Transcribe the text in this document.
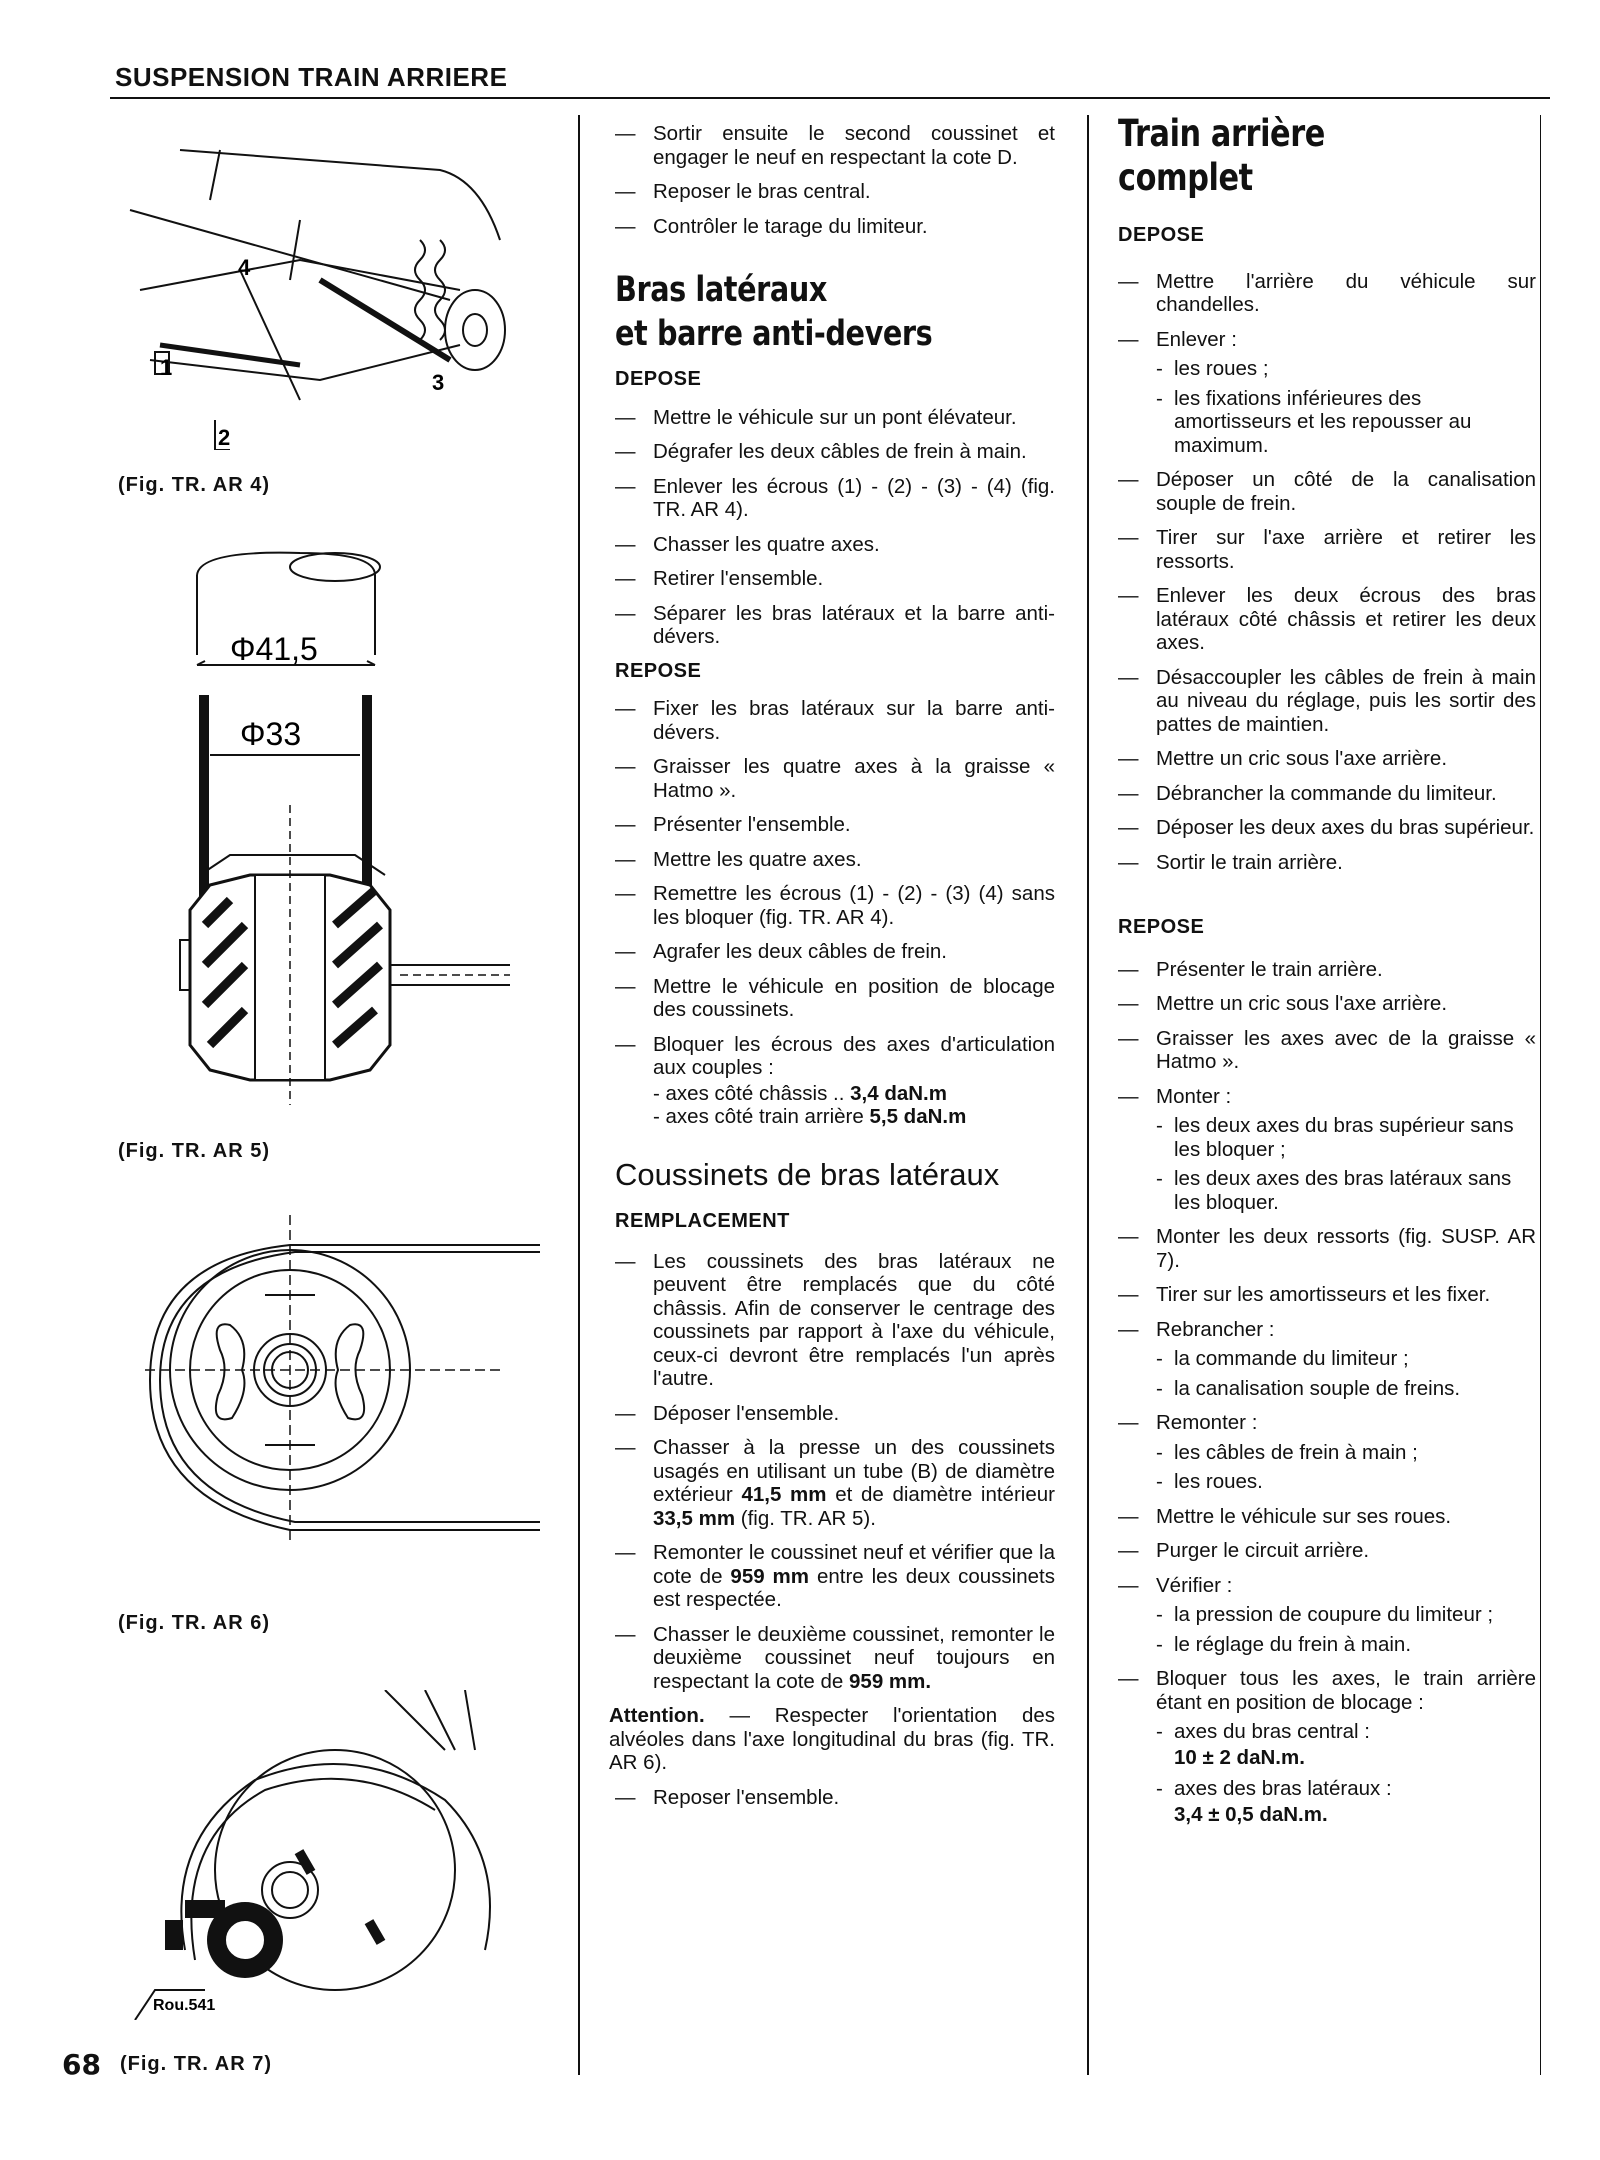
SUSPENSION TRAIN ARRIERE
4
1
2
3
(Fig. TR. AR 4)
Φ41,5
Φ33
(Fig. TR. AR 5)
(Fig. TR. AR 6)
Rou.541
68 (Fig. TR. AR 7)
— Sortir ensuite le second coussinet et engager le neuf en respectant la cote D.
— Reposer le bras central.
— Contrôler le tarage du limiteur.
Bras latéraux
et barre anti-devers
DEPOSE
— Mettre le véhicule sur un pont élévateur.
— Dégrafer les deux câbles de frein à main.
— Enlever les écrous (1) - (2) - (3) - (4) (fig. TR. AR 4).
— Chasser les quatre axes.
— Retirer l'ensemble.
— Séparer les bras latéraux et la barre anti-dévers.
REPOSE
— Fixer les bras latéraux sur la barre anti-dévers.
— Graisser les quatre axes à la graisse « Hatmo ».
— Présenter l'ensemble.
— Mettre les quatre axes.
— Remettre les écrous (1) - (2) - (3) (4) sans les bloquer (fig. TR. AR 4).
— Agrafer les deux câbles de frein.
— Mettre le véhicule en position de blocage des coussinets.
— Bloquer les écrous des axes d'articulation aux couples :
- axes côté châssis .. 3,4 daN.m
- axes côté train arrière 5,5 daN.m
Coussinets de bras latéraux
REMPLACEMENT
— Les coussinets des bras latéraux ne peuvent être remplacés que du côté châssis. Afin de conserver le centrage des coussinets par rapport à l'axe du véhicule, ceux-ci devront être remplacés l'un après l'autre.
— Déposer l'ensemble.
— Chasser à la presse un des coussinets usagés en utilisant un tube (B) de diamètre extérieur 41,5 mm et de diamètre intérieur 33,5 mm (fig. TR. AR 5).
— Remonter le coussinet neuf et vérifier que la cote de 959 mm entre les deux coussinets est respectée.
— Chasser le deuxième coussinet, remonter le deuxième coussinet neuf toujours en respectant la cote de 959 mm.
Attention. — Respecter l'orientation des alvéoles dans l'axe longitudinal du bras (fig. TR. AR 6).
— Reposer l'ensemble.
Train arrière complet
DEPOSE
— Mettre l'arrière du véhicule sur chandelles.
— Enlever :
- les roues ;
- les fixations inférieures des amortisseurs et les repousser au maximum.
— Déposer un côté de la canalisation souple de frein.
— Tirer sur l'axe arrière et retirer les ressorts.
— Enlever les deux écrous des bras latéraux côté châssis et retirer les deux axes.
— Désaccoupler les câbles de frein à main au niveau du réglage, puis les sortir des pattes de maintien.
— Mettre un cric sous l'axe arrière.
— Débrancher la commande du limiteur.
— Déposer les deux axes du bras supérieur.
— Sortir le train arrière.
REPOSE
— Présenter le train arrière.
— Mettre un cric sous l'axe arrière.
— Graisser les axes avec de la graisse « Hatmo ».
— Monter :
- les deux axes du bras supérieur sans les bloquer ;
- les deux axes des bras latéraux sans les bloquer.
— Monter les deux ressorts (fig. SUSP. AR 7).
— Tirer sur les amortisseurs et les fixer.
— Rebrancher :
- la commande du limiteur ;
- la canalisation souple de freins.
— Remonter :
- les câbles de frein à main ;
- les roues.
— Mettre le véhicule sur ses roues.
— Purger le circuit arrière.
— Vérifier :
- la pression de coupure du limiteur ;
- le réglage du frein à main.
— Bloquer tous les axes, le train arrière étant en position de blocage :
- axes du bras central :
10 ± 2 daN.m.
- axes des bras latéraux :
3,4 ± 0,5 daN.m.
